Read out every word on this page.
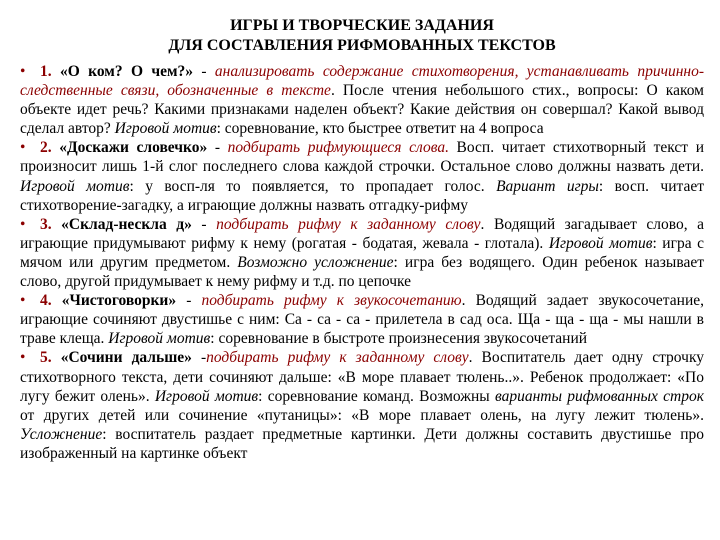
ИГРЫ И ТВОРЧЕСКИЕ ЗАДАНИЯ
ДЛЯ СОСТАВЛЕНИЯ РИФМОВАННЫХ ТЕКСТОВ

• 1. «О ком? О чем?» - анализировать содержание стихотворения, устанавливать причинно-следственные связи, обозначенные в тексте. После чтения небольшого стих., вопросы: О каком объекте идет речь? Какими признаками наделен объект? Какие действия он совершал? Какой вывод сделал автор? Игровой мотив: соревнование, кто быстрее ответит на 4 вопроса

• 2. «Доскажи словечко» - подбирать рифмующиеся слова. Восп. читает стихотворный текст и произносит лишь 1-й слог последнего слова каждой строчки. Остальное слово должны назвать дети. Игровой мотив: у восп-ля то появляется, то пропадает голос. Вариант игры: восп. читает стихотворение-загадку, а играющие должны назвать отгадку-рифму

• 3. «Склад-нескла д» - подбирать рифму к заданному слову. Водящий загадывает слово, а играющие придумывают рифму к нему (рогатая - бодатая, жевала - глотала). Игровой мотив: игра с мячом или другим предметом. Возможно усложнение: игра без водящего. Один ребенок называет слово, другой придумывает к нему рифму и т.д. по цепочке

• 4. «Чистоговорки» - подбирать рифму к звукосочетанию. Водящий задает звукосочетание, играющие сочиняют двустишье с ним: Са - са - са - прилетела в сад оса. Ща - ща - ща - мы нашли в траве клеща. Игровой мотив: соревнование в быстроте произнесения звукосочетаний

• 5. «Сочини дальше» -подбирать рифму к заданному слову. Воспитатель дает одну строчку стихотворного текста, дети сочиняют дальше: «В море плавает тюлень..». Ребенок продолжает: «По лугу бежит олень». Игровой мотив: соревнование команд. Возможны варианты рифмованных строк от других детей или сочинение «путаницы»: «В море плавает олень, на лугу лежит тюлень». Усложнение: воспитатель раздает предметные картинки. Дети должны составить двустишье про изображенный на картинке объект
